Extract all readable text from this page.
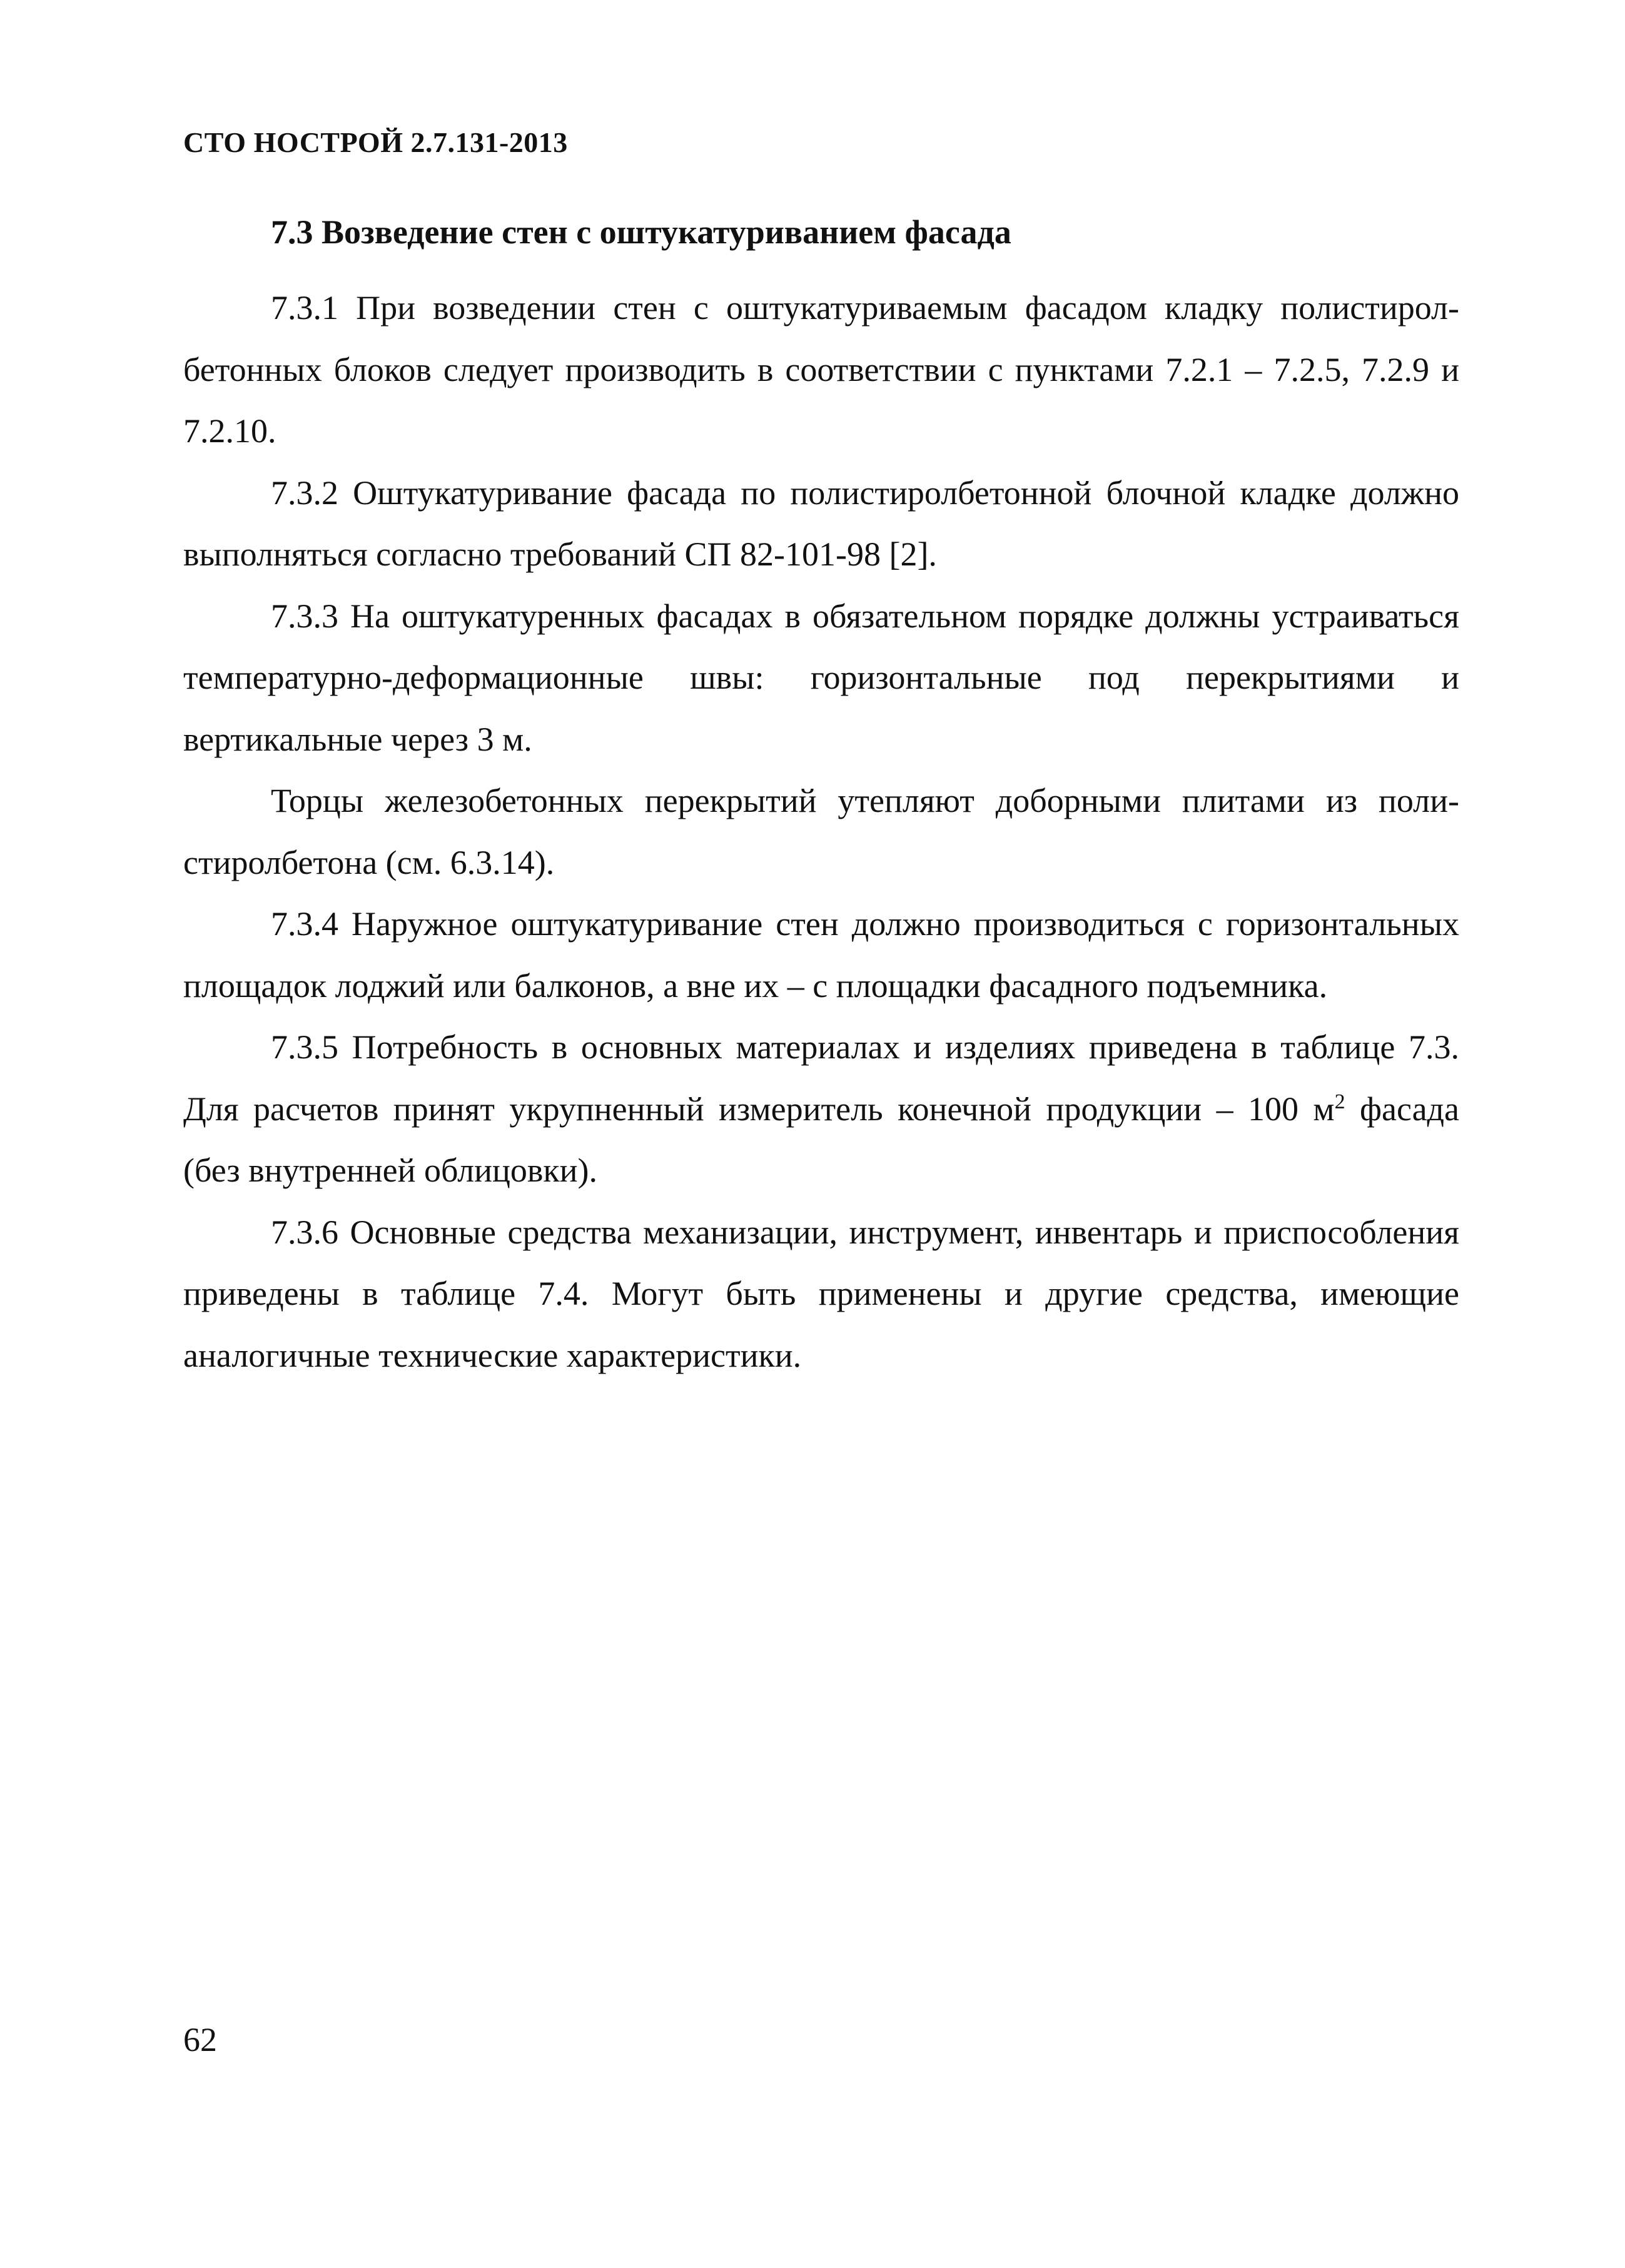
СТО НОСТРОЙ 2.7.131-2013
7.3 Возведение стен с оштукатуриванием фасада

7.3.1 При возведении стен с оштукатуриваемым фасадом кладку полистиролбетонных блоков следует производить в соответствии с пунктами 7.2.1 – 7.2.5, 7.2.9 и 7.2.10.

7.3.2 Оштукатуривание фасада по полистиролбетонной блочной кладке должно выполняться согласно требований СП 82-101-98 [2].

7.3.3 На оштукатуренных фасадах в обязательном порядке должны устраиваться температурно-деформационные швы: горизонтальные под перекрытиями и вертикальные через 3 м.

Торцы железобетонных перекрытий утепляют доборными плитами из полистиролбетона (см. 6.3.14).

7.3.4 Наружное оштукатуривание стен должно производиться с горизонтальных площадок лоджий или балконов, а вне их – с площадки фасадного подъемника.

7.3.5 Потребность в основных материалах и изделиях приведена в таблице 7.3. Для расчетов принят укрупненный измеритель конечной продукции – 100 $м^2$ фасада (без внутренней облицовки).

7.3.6 Основные средства механизации, инструмент, инвентарь и приспособления приведены в таблице 7.4. Могут быть применены и другие средства, имеющие аналогичные технические характеристики.

62
